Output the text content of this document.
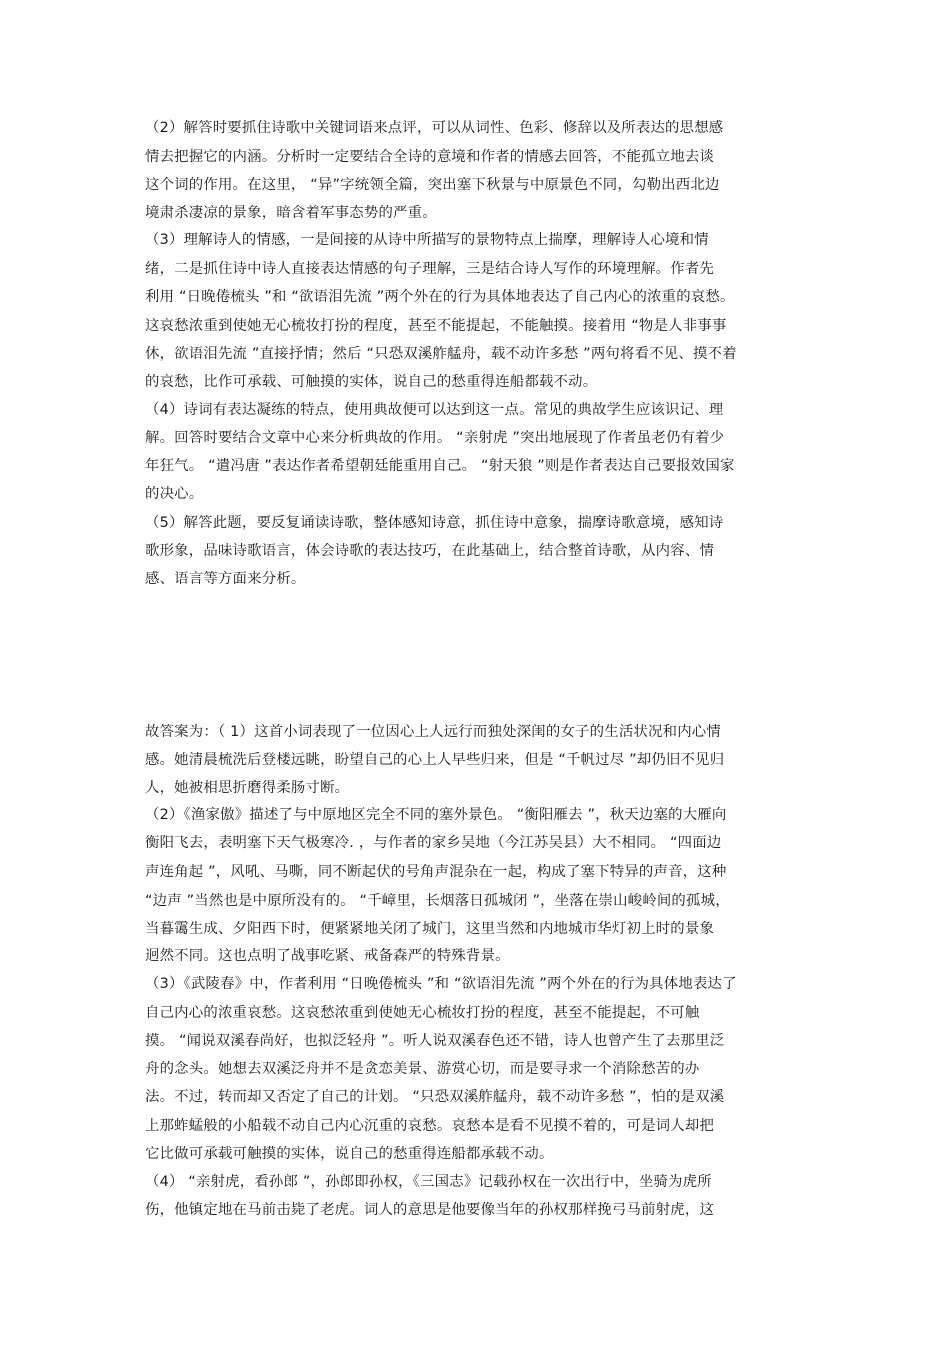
（2）解答时要抓住诗歌中关键词语来点评，可以从词性、色彩、修辞以及所表达的思想感
情去把握它的内涵。分析时一定要结合全诗的意境和作者的情感去回答，不能孤立地去谈
这个词的作用。在这里， “异”字统领全篇，突出塞下秋景与中原景色不同，勾勒出西北边
境肃杀凄凉的景象，暗含着军事态势的严重。
（3）理解诗人的情感，一是间接的从诗中所描写的景物特点上揣摩，理解诗人心境和情
绪，二是抓住诗中诗人直接表达情感的句子理解，三是结合诗人写作的环境理解。作者先
利用 “日晚倦梳头 ”和 “欲语泪先流 ”两个外在的行为具体地表达了自己内心的浓重的哀愁。
这哀愁浓重到使她无心梳妆打扮的程度，甚至不能提起，不能触摸。接着用 “物是人非事事
休，欲语泪先流 ”直接抒情；然后 “只恐双溪舴艋舟，载不动许多愁 ”两句将看不见、摸不着
的哀愁，比作可承载、可触摸的实体，说自己的愁重得连船都载不动。
（4）诗词有表达凝练的特点，使用典故便可以达到这一点。常见的典故学生应该识记、理
解。回答时要结合文章中心来分析典故的作用。 “亲射虎 ”突出地展现了作者虽老仍有着少
年狂气。 “遣冯唐 ”表达作者希望朝廷能重用自己。 “射天狼 ”则是作者表达自己要报效国家
的决心。
（5）解答此题，要反复诵读诗歌，整体感知诗意，抓住诗中意象，揣摩诗歌意境，感知诗
歌形象，品味诗歌语言，体会诗歌的表达技巧，在此基础上，结合整首诗歌，从内容、情
感、语言等方面来分析。
故答案为：（ 1）这首小词表现了一位因心上人远行而独处深闺的女子的生活状况和内心情
感。她清晨梳洗后登楼远眺，盼望自己的心上人早些归来，但是 “千帆过尽 ”却仍旧不见归
人，她被相思折磨得柔肠寸断。
（2）《渔家傲》描述了与中原地区完全不同的塞外景色。 “衡阳雁去 ”，秋天边塞的大雁向
衡阳飞去，表明塞下天气极寒冷. ，与作者的家乡吴地（今江苏吴县）大不相同。 “四面边
声连角起 ”，风吼、马嘶，同不断起伏的号角声混杂在一起，构成了塞下特异的声音，这种
“边声 ”当然也是中原所没有的。 “千嶂里，长烟落日孤城闭 ”，坐落在崇山峻岭间的孤城，
当暮霭生成、夕阳西下时，便紧紧地关闭了城门，这里当然和内地城市华灯初上时的景象
迥然不同。这也点明了战事吃紧、戒备森严的特殊背景。
（3）《武陵春》中，作者利用 “日晚倦梳头 ”和 “欲语泪先流 ”两个外在的行为具体地表达了
自己内心的浓重哀愁。这哀愁浓重到使她无心梳妆打扮的程度，甚至不能提起，不可触
摸。 “闻说双溪春尚好，也拟泛轻舟 ”。听人说双溪春色还不错，诗人也曾产生了去那里泛
舟的念头。她想去双溪泛舟并不是贪恋美景、游赏心切，而是要寻求一个消除愁苦的办
法。不过，转而却又否定了自己的计划。 “只恐双溪舴艋舟，载不动许多愁 ”，怕的是双溪
上那蚱蜢般的小船载不动自己内心沉重的哀愁。哀愁本是看不见摸不着的，可是词人却把
它比做可承载可触摸的实体，说自己的愁重得连船都承载不动。
（4） “亲射虎，看孙郎 ”，孙郎即孙权，《三国志》记载孙权在一次出行中，坐骑为虎所
伤，他镇定地在马前击毙了老虎。词人的意思是他要像当年的孙权那样挽弓马前射虎，这
